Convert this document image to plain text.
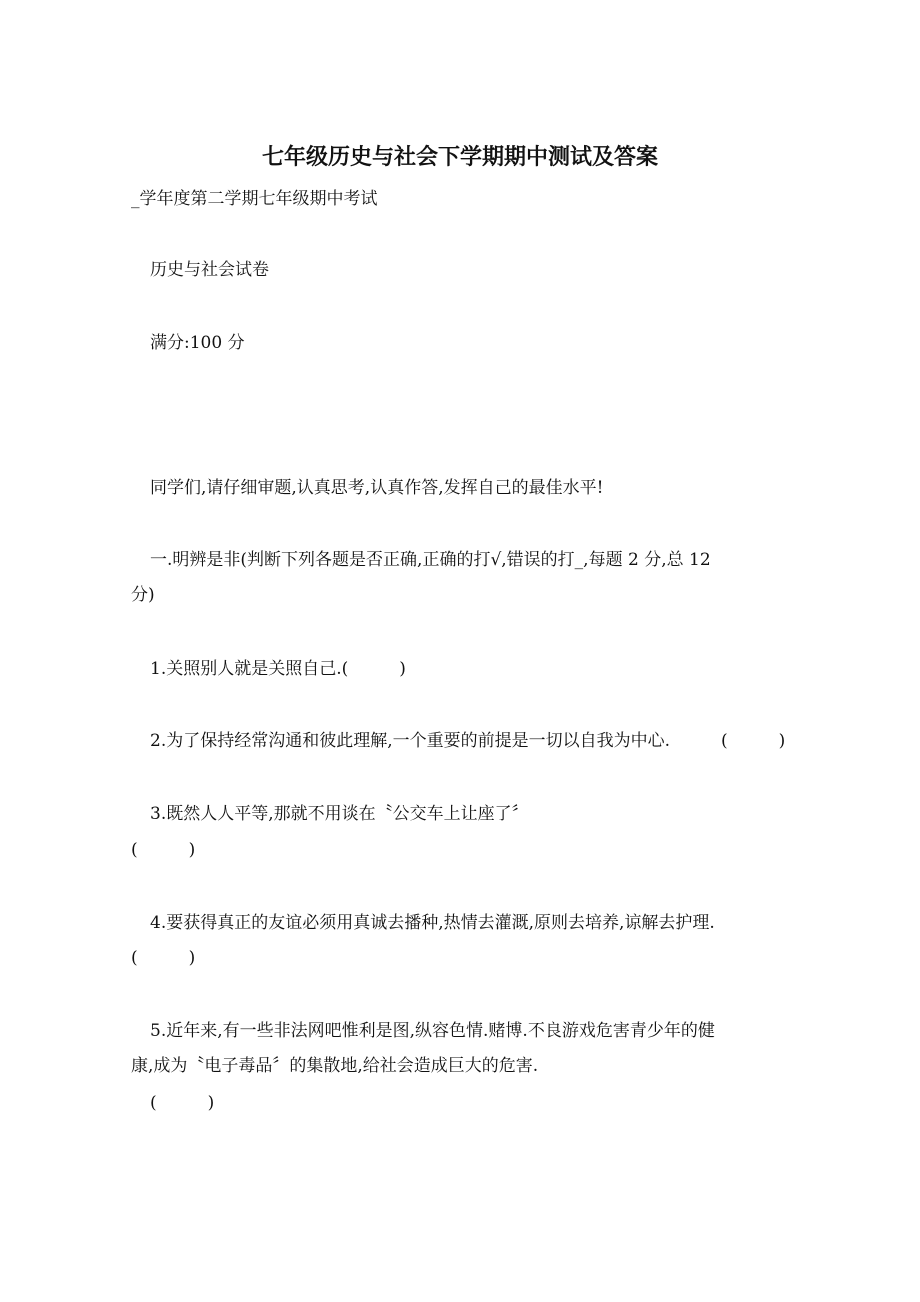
七年级历史与社会下学期期中测试及答案
_学年度第二学期七年级期中考试
历史与社会试卷
满分:100 分
同学们,请仔细审题,认真思考,认真作答,发挥自己的最佳水平!
一.明辨是非(判断下列各题是否正确,正确的打√,错误的打_,每题 2 分,总 12
分)
1.关照别人就是关照自己.(　　　)
2.为了保持经常沟通和彼此理解,一个重要的前提是一切以自我为中心.　　　(　　　)
3.既然人人平等,那就不用谈在〝公交车上让座了〞
(　　　)
4.要获得真正的友谊必须用真诚去播种,热情去灌溉,原则去培养,谅解去护理.
(　　　)
5.近年来,有一些非法网吧惟利是图,纵容色情.赌博.不良游戏危害青少年的健
康,成为〝电子毒品〞的集散地,给社会造成巨大的危害.
(　　　)
